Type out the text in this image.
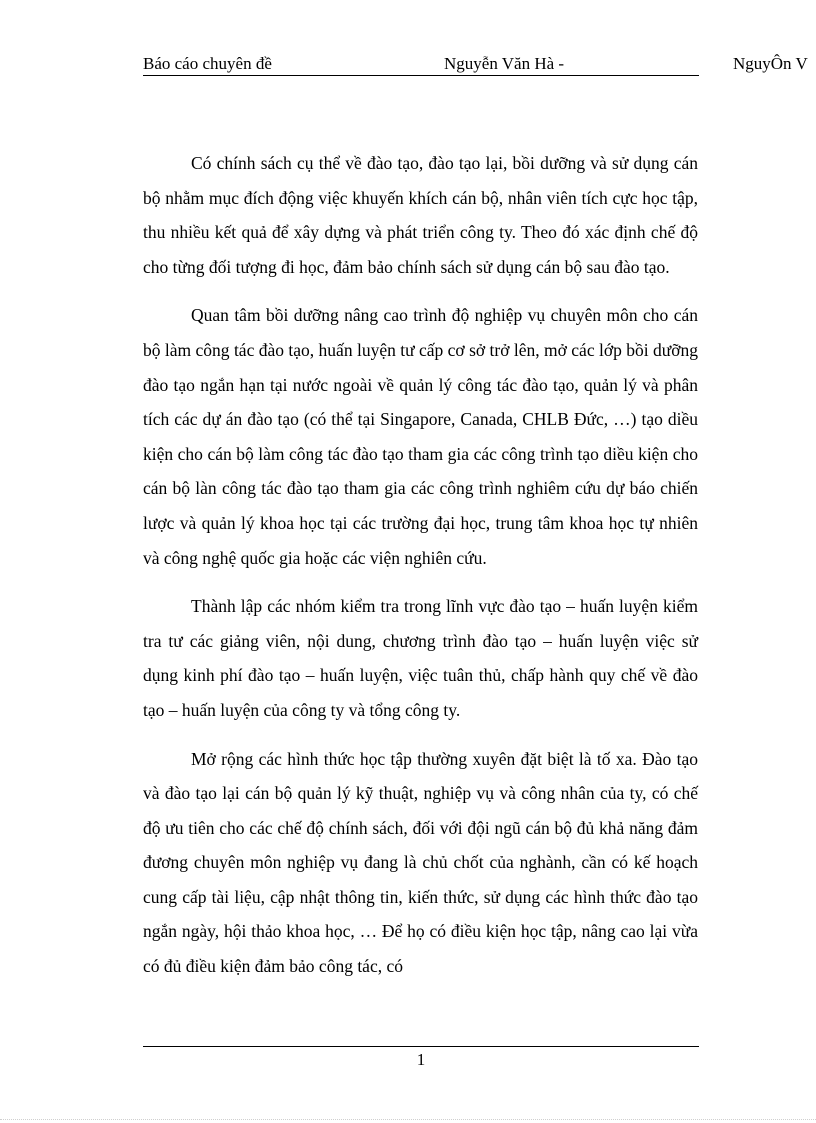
Báo cáo chuyên đề	Nguyễn Văn Hà -	NguyÔn V

Có chính sách cụ thể về đào tạo, đào tạo lại, bồi dưỡng và sử dụng cán bộ nhằm mục đích động việc khuyến khích cán bộ, nhân viên tích cực học tập, thu nhiều kết quả để xây dựng và phát triển công ty. Theo đó xác định chế độ cho từng đối tượng đi học, đảm bảo chính sách sử dụng cán bộ sau đào tạo.

Quan tâm bồi dưỡng nâng cao trình độ nghiệp vụ chuyên môn cho cán bộ làm công tác đào tạo, huấn luyện tư cấp cơ sở trở lên, mở các lớp bồi dưỡng đào tạo ngắn hạn tại nước ngoài về quản lý công tác đào tạo, quản lý và phân tích các dự án đào tạo (có thể tại Singapore, Canada, CHLB Đức, …) tạo diều kiện cho cán bộ làm công tác đào tạo tham gia các công trình tạo diều kiện cho cán bộ làn công tác đào tạo tham gia các công trình nghiêm cứu dự báo chiến lược và quản lý khoa học tại các trường đại học, trung tâm khoa học tự nhiên và công nghệ quốc gia hoặc các viện nghiên cứu.

Thành lập các nhóm kiểm tra trong lĩnh vực đào tạo – huấn luyện kiểm tra tư các giảng viên, nội dung, chương trình đào tạo – huấn luyện việc sử dụng kinh phí đào tạo – huấn luyện, việc tuân thủ, chấp hành quy chế về đào tạo – huấn luyện của công ty và tổng công ty.

Mở rộng các hình thức học tập thường xuyên đặt biệt là tố xa. Đào tạo và đào tạo lại cán bộ quản lý kỹ thuật, nghiệp vụ và công nhân của ty, có chế độ ưu tiên cho các chế độ chính sách, đối với đội ngũ cán bộ đủ khả năng đảm đương chuyên môn nghiệp vụ đang là chủ chốt của nghành, cần có kế hoạch cung cấp tài liệu, cập nhật thông tin, kiến thức, sử dụng các hình thức đào tạo ngắn ngày, hội thảo khoa học, … Để họ có điều kiện học tập, nâng cao lại vừa có đủ điều kiện đảm bảo công tác, có

1
